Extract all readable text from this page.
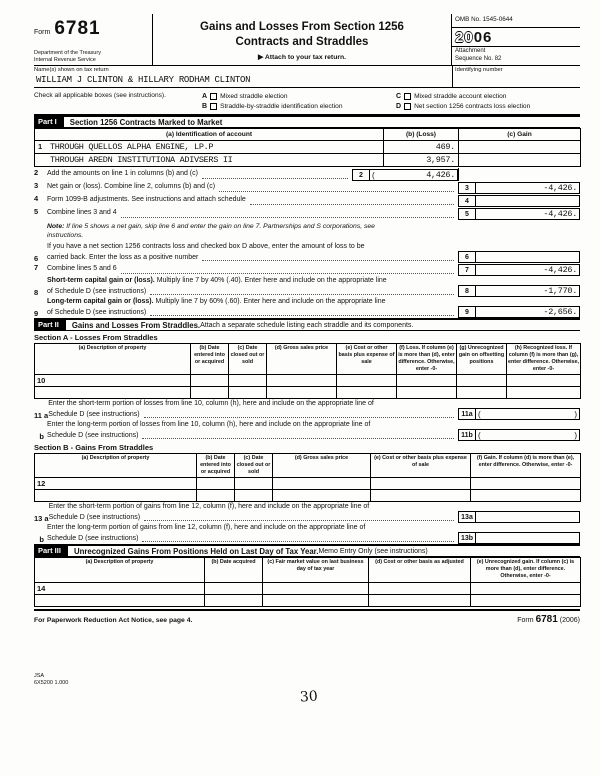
Form 6781
Department of the Treasury
Internal Revenue Service
Gains and Losses From Section 1256
Contracts and Straddles
▶ Attach to your tax return.
OMB No. 1545-0644
2006
Attachment
Sequence No. 82
Name(s) shown on tax return
WILLIAM J CLINTON & HILLARY RODHAM CLINTON
Identifying number
Check all applicable boxes (see instructions).	A Mixed straddle election	C Mixed straddle account election
B Straddle-by-straddle identification election	D Net section 1256 contracts loss election
Part I	Section 1256 Contracts Marked to Market
(a) Identification of account	(b) (Loss)	(c) Gain
1 THROUGH QUELLOS ALPHA ENGINE, LP.P	469.	
THROUGH AREDN INSTITUTIONA ADIVSERS II	3,957.	
2	Add the amounts on line 1 in columns (b) and (c)	2	(	4,426.
3	Net gain or (loss). Combine line 2, columns (b) and (c)	3	-4,426.
4	Form 1099-B adjustments. See instructions and attach schedule	4
5	Combine lines 3 and 4	5	-4,426.
Note: If line 5 shows a net gain, skip line 6 and enter the gain on line 7. Partnerships and S corporations, see
instructions.
6
If you have a net section 1256 contracts loss and checked box D above, enter the amount of loss to be
carried back. Enter the loss as a positive number	6
7	Combine lines 5 and 6	7	-4,426.
8
Short-term capital gain or (loss). Multiply line 7 by 40% (.40). Enter here and include on the appropriate line
of Schedule D (see instructions)	8	-1,770.
9
Long-term capital gain or (loss). Multiply line 7 by 60% (.60). Enter here and include on the appropriate line
of Schedule D (see instructions)	9	-2,656.
Part II	Gains and Losses From Straddles. Attach a separate schedule listing each straddle and its components.
Section A - Losses From Straddles
(a) Description of property	(b) Date entered into or acquired	(c) Date closed out or sold	(d) Gross sales price	(e) Cost or other basis plus expense of sale	(f) Loss. If column (e) is more than (d), enter difference. Otherwise, enter -0-	(g) Unrecognized gain on offsetting positions	(h) Recognized loss. If column (f) is more than (g), enter difference. Otherwise, enter -0-
10							

11 a
Enter the short-term portion of losses from line 10, column (h), here and include on the appropriate line of
Schedule D (see instructions)	11a (	)
b
Enter the long-term portion of losses from line 10, column (h), here and include on the appropriate line of
Schedule D (see instructions)	11b (	)
Section B - Gains From Straddles
(a) Description of property	(b) Date entered into or acquired	(c) Date closed out or sold	(d) Gross sales price	(e) Cost or other basis plus expense of sale	(f) Gain. If column (d) is more than (e), enter difference. Otherwise, enter -0-
12					

13 a
Enter the short-term portion of gains from line 12, column (f), here and include on the appropriate line of
Schedule D (see instructions)	13a
b
Enter the long-term portion of gains from line 12, column (f), here and include on the appropriate line of
Schedule D (see instructions)	13b
Part III	Unrecognized Gains From Positions Held on Last Day of Tax Year. Memo Entry Only (see instructions)
(a) Description of property	(b) Date acquired	(c) Fair market value on last business day of tax year	(d) Cost or other basis as adjusted	(e) Unrecognized gain. If column (c) is more than (d), enter difference. Otherwise, enter -0-
14				

For Paperwork Reduction Act Notice, see page 4.	Form 6781 (2006)
JSA
6X5200 1.000
30
